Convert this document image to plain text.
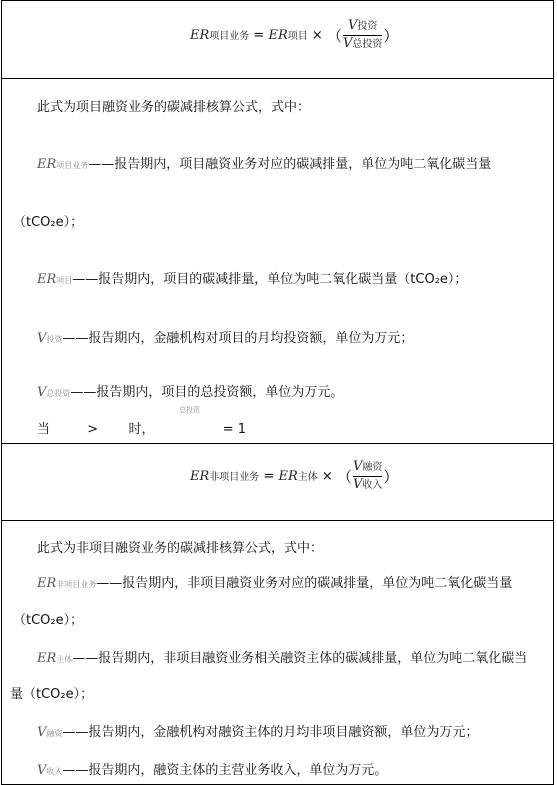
ER项目业务 = ER项目 × （ $\frac{\text{V投资}}{\text{V总投资}}$ ）
此式为项目融资业务的碳减排核算公式，式中：
ER项目业务——报告期内，项目融资业务对应的碳减排量，单位为吨二氧化碳当量
（tCO₂e）；
ER项目——报告期内，项目的碳减排量，单位为吨二氧化碳当量（tCO₂e）；
V投资——报告期内，金融机构对项目的月均投资额，单位为万元；
V总投资——报告期内，项目的总投资额，单位为万元。
当	> 时，	= 1
总投资
ER非项目业务 = ER主体 × （ $\frac{\text{V融资}}{\text{V收入}}$ ）
此式为非项目融资业务的碳减排核算公式，式中：
ER非项目业务——报告期内，非项目融资业务对应的碳减排量，单位为吨二氧化碳当量
（tCO₂e）；
ER主体——报告期内，非项目融资业务相关融资主体的碳减排量，单位为吨二氧化碳当
量（tCO₂e）；
V融资——报告期内，金融机构对融资主体的月均非项目融资额，单位为万元；
V收入——报告期内，融资主体的主营业务收入，单位为万元。
